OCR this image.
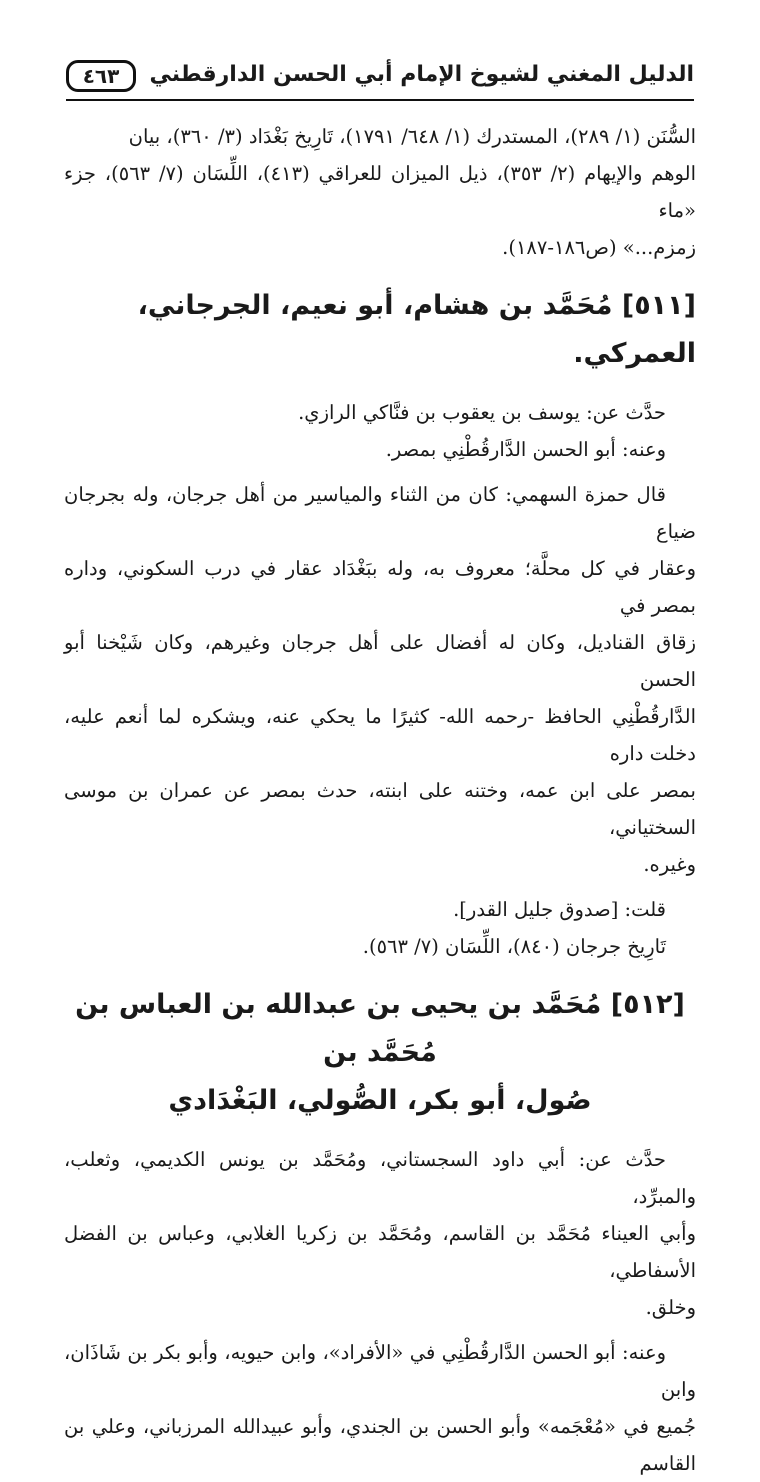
٤٦٣	الدليل المغني لشيوخ الإمام أبي الحسن الدارقطني

السُّنَن (١/ ٢٨٩)، المستدرك (١/ ٦٤٨/ ١٧٩١)، تَارِيخ بَغْدَاد (٣/ ٣٦٠)، بيان

الوهم والإيهام (٢/ ٣٥٣)، ذيل الميزان للعراقي (٤١٣)، اللِّسَان (٧/ ٥٦٣)، جزء «ماء

زمزم...» (ص١٨٦-١٨٧).

[٥١١] مُحَمَّد بن هشام، أبو نعيم، الجرجاني، العمركي.

حدَّث عن: يوسف بن يعقوب بن فنَّاكي الرازي.

وعنه: أبو الحسن الدَّارقُطْنِي بمصر.

قال حمزة السهمي: كان من الثناء والمياسير من أهل جرجان، وله بجرجان ضياع

وعقار في كل محلَّة؛ معروف به، وله ببَغْدَاد عقار في درب السكوني، وداره بمصر في

زقاق القناديل، وكان له أفضال على أهل جرجان وغيرهم، وكان شَيْخنا أبو الحسن

الدَّارقُطْنِي الحافظ -رحمه الله- كثيرًا ما يحكي عنه، ويشكره لما أنعم عليه، دخلت داره

بمصر على ابن عمه، وختنه على ابنته، حدث بمصر عن عمران بن موسى السختياني،

وغيره.

قلت: [صدوق جليل القدر].

تَارِيخ جرجان (٨٤٠)، اللِّسَان (٧/ ٥٦٣).

[٥١٢] مُحَمَّد بن يحيى بن عبدالله بن العباس بن مُحَمَّد بن
صُول، أبو بكر، الصُّولي، البَغْدَادي

حدَّث عن: أبي داود السجستاني، ومُحَمَّد بن يونس الكديمي، وثعلب، والمبرِّد،

وأبي العيناء مُحَمَّد بن القاسم، ومُحَمَّد بن زكريا الغلابي، وعباس بن الفضل الأسفاطي،

وخلق.

وعنه: أبو الحسن الدَّارقُطْنِي في «الأفراد»، وابن حيويه، وأبو بكر بن شَاذَان، وابن

جُميع في «مُعْجَمه» وأبو الحسن بن الجندي، وأبو عبيدالله المرزباني، وعلي بن القاسم
